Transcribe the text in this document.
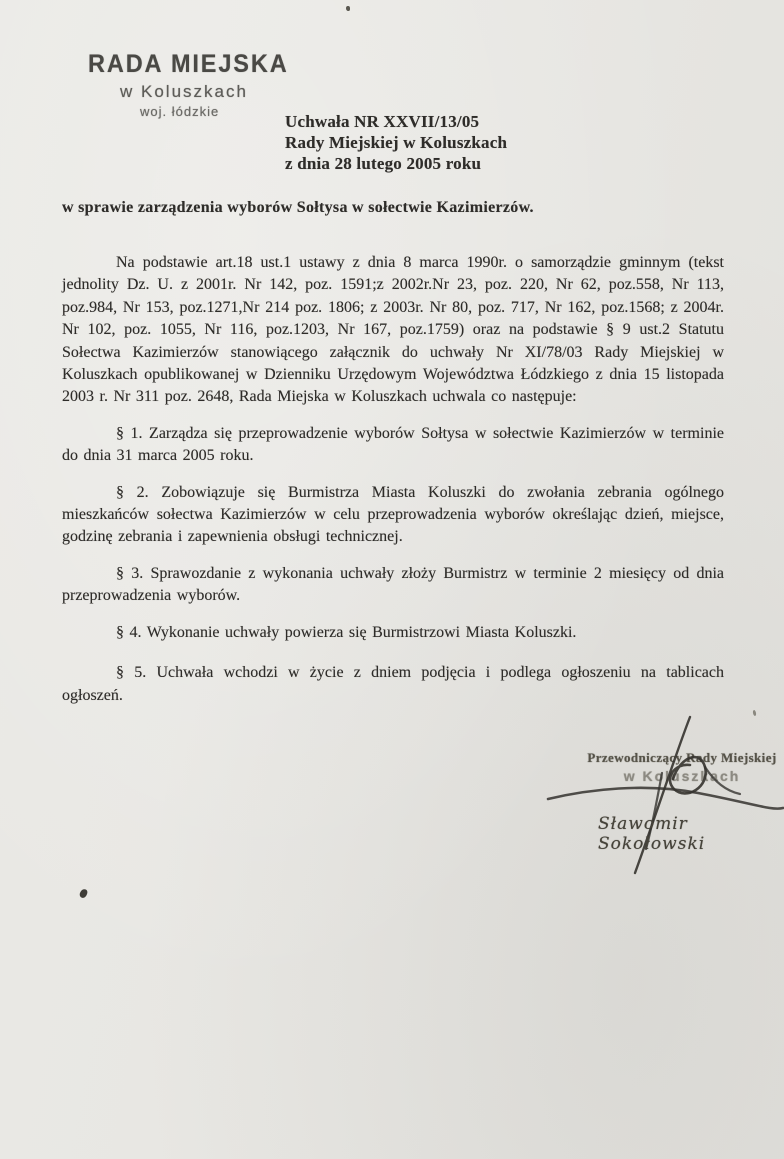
RADA MIEJSKA
w Koluszkach
woj. łódzkie
Uchwała NR XXVII/13/05
Rady Miejskiej w Koluszkach
z dnia 28 lutego 2005 roku
w sprawie zarządzenia wyborów Sołtysa w sołectwie Kazimierzów.

Na podstawie art.18 ust.1 ustawy z dnia 8 marca 1990r. o samorządzie gminnym (tekst jednolity Dz. U. z 2001r. Nr 142, poz. 1591;z 2002r.Nr 23, poz. 220, Nr 62, poz.558, Nr 113, poz.984, Nr 153, poz.1271,Nr 214 poz. 1806; z 2003r. Nr 80, poz. 717, Nr 162, poz.1568; z 2004r. Nr 102, poz. 1055, Nr 116, poz.1203, Nr 167, poz.1759) oraz na podstawie § 9 ust.2 Statutu Sołectwa Kazimierzów stanowiącego załącznik do uchwały Nr XI/78/03 Rady Miejskiej w Koluszkach opublikowanej w Dzienniku Urzędowym Województwa Łódzkiego z dnia 15 listopada 2003 r. Nr 311 poz. 2648, Rada Miejska w Koluszkach uchwala co następuje:

§ 1. Zarządza się przeprowadzenie wyborów Sołtysa w sołectwie Kazimierzów w terminie do dnia 31 marca 2005 roku.

§ 2. Zobowiązuje się Burmistrza Miasta Koluszki do zwołania zebrania ogólnego mieszkańców sołectwa Kazimierzów w celu przeprowadzenia wyborów określając dzień, miejsce, godzinę zebrania i zapewnienia obsługi technicznej.

§ 3. Sprawozdanie z wykonania uchwały złoży Burmistrz w terminie 2 miesięcy od dnia przeprowadzenia wyborów.

§ 4. Wykonanie uchwały powierza się Burmistrzowi Miasta Koluszki.

§ 5. Uchwała wchodzi w życie z dniem podjęcia i podlega ogłoszeniu na tablicach ogłoszeń.

Przewodniczący Rady Miejskiej
w Koluszkach
Sławomir Sokołowski
